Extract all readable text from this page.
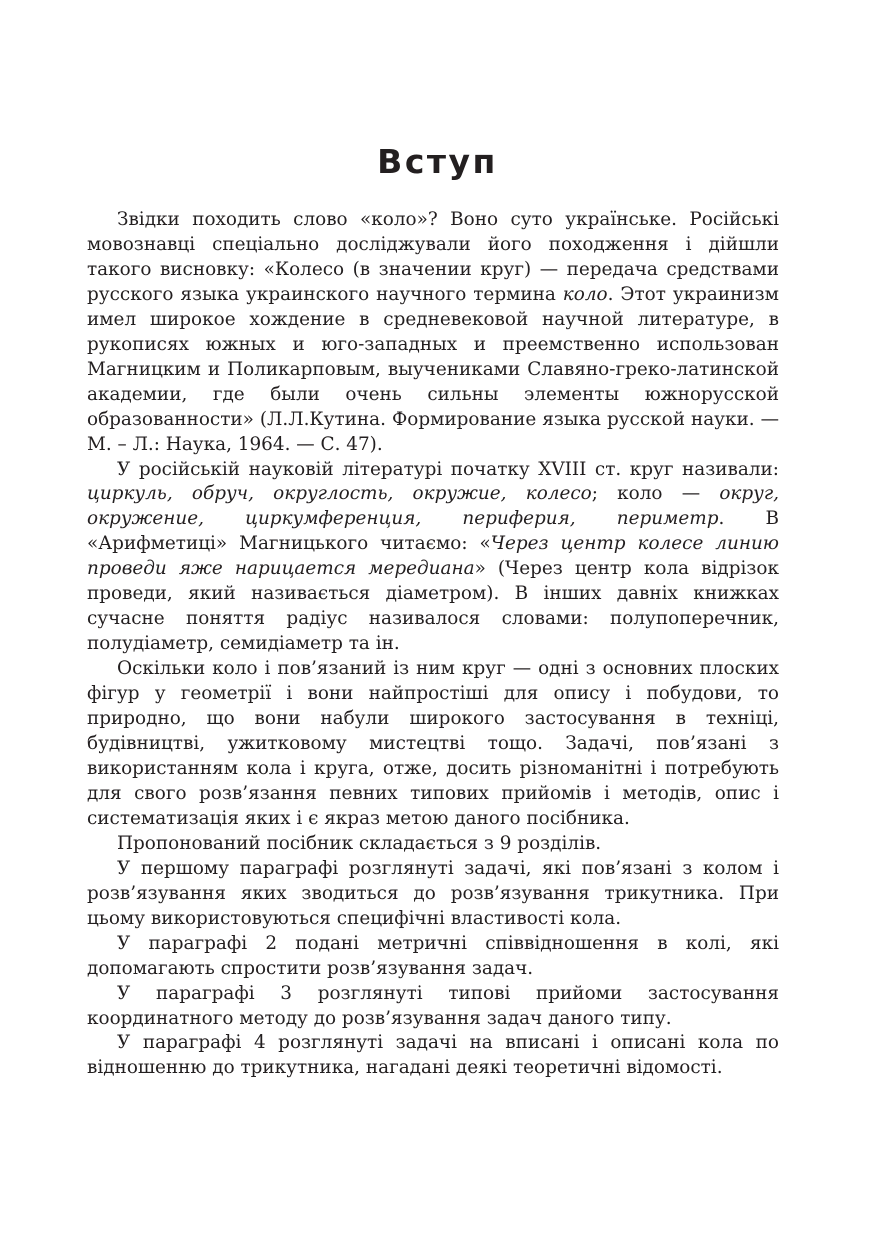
Вступ

Звідки походить слово «коло»? Воно суто українське. Російські мовознавці спеціально досліджували його походження і дійшли такого висновку: «Колесо (в значении круг) — передача средствами русского языка украинского научного термина коло. Этот украинизм имел широкое хождение в средневековой научной литературе, в рукописях южных и юго-западных и преемственно использован Магницким и Поликарповым, выучениками Славяно-греко-латинской академии, где были очень сильны элементы южнорусской образованности» (Л.Л.Кутина. Формирование языка русской науки. — М. – Л.: Наука, 1964. — С. 47).

У російській науковій літературі початку XVIII ст. круг називали: циркуль, обруч, округлость, окружие, колесо; коло — округ, окружение, циркумференция, периферия, периметр. В «Арифметиці» Магницького читаємо: «Через центр колесе линию проведи яже нарицается мередиана» (Через центр кола відрізок проведи, який називається діаметром). В інших давніх книжках сучасне поняття радіус називалося словами: полупоперечник, полудіаметр, семидіаметр та ін.

Оскільки коло і пов’язаний із ним круг — одні з основних плоских фігур у геометрії і вони найпростіші для опису і побудови, то природно, що вони набули широкого застосування в техніці, будівництві, ужитковому мистецтві тощо. Задачі, пов’язані з використанням кола і круга, отже, досить різноманітні і потребують для свого розв’язання певних типових прийомів і методів, опис і систематизація яких і є якраз метою даного посібника.

Пропонований посібник складається з 9 розділів.

У першому параграфі розглянуті задачі, які пов’язані з колом і розв’язування яких зводиться до розв’язування трикутника. При цьому використовуються специфічні властивості кола.

У параграфі 2 подані метричні співвідношення в колі, які допомагають спростити розв’язування задач.

У параграфі 3 розглянуті типові прийоми застосування координатного методу до розв’язування задач даного типу.

У параграфі 4 розглянуті задачі на вписані і описані кола по відношенню до трикутника, нагадані деякі теоретичні відомості.
